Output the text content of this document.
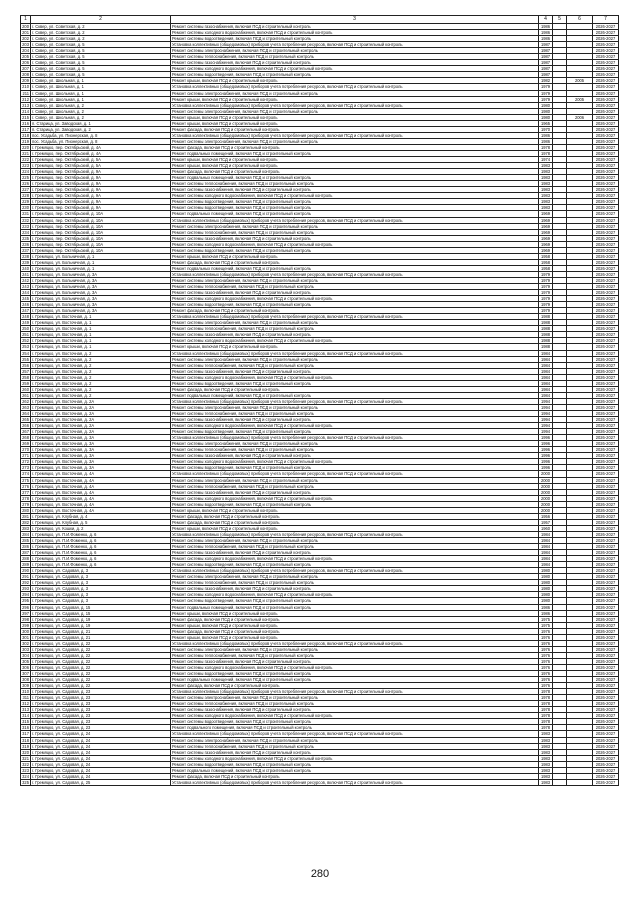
1	2	3	4	5	6	7
200	г. Сквер, ул. Советская, д. 2	Ремонт системы газоснабжения, включая ПСД и строительный контроль	1986			2026-2027
201	г. Сквер, ул. Советская, д. 2	Ремонт системы холодного водоснабжения, включая ПСД и строительный контроль	1986			2026-2027
202	г. Сквер, ул. Советская, д. 2	Ремонт системы водоотведения, включая ПСД и строительный контроль	1986			2026-2027
203	г. Сквер, ул. Советская, д. 5	Установка коллективных (общедомовых) приборов учета потребления ресурсов, включая ПСД и строительный контроль	1987			2026-2027
204	г. Сквер, ул. Советская, д. 5	Ремонт системы электроснабжения, включая ПСД и строительный контроль	1987			2026-2027
205	г. Сквер, ул. Советская, д. 5	Ремонт системы теплоснабжения, включая ПСД и строительный контроль	1987			2026-2027
206	г. Сквер, ул. Советская, д. 5	Ремонт системы газоснабжения, включая ПСД и строительный контроль	1987			2026-2027
207	г. Сквер, ул. Советская, д. 5	Ремонт системы холодного водоснабжения, включая ПСД и строительный контроль	1987			2026-2027
208	г. Сквер, ул. Советская, д. 5	Ремонт системы водоотведения, включая ПСД и строительный контроль	1987			2026-2027
209	г. Сквер, ул. Школьная, д. 1	Ремонт крыши, включая ПСД и строительный контроль	1982		2005	2026-2027
210	г. Сквер, ул. Школьная, д. 1	Установка коллективных (общедомовых) приборов учета потребления ресурсов, включая ПСД и строительный контроль	1979			2026-2027
211	г. Сквер, ул. Школьная, д. 1	Ремонт системы электроснабжения, включая ПСД и строительный контроль	1979			2026-2027
212	г. Сквер, ул. Школьная, д. 1	Ремонт крыши, включая ПСД и строительный контроль	1979		2005	2026-2027
213	г. Сквер, ул. Школьная, д. 2	Установка коллективных (общедомовых) приборов учета потребления ресурсов, включая ПСД и строительный контроль	1980			2026-2027
214	г. Сквер, ул. Школьная, д. 2	Ремонт системы электроснабжения, включая ПСД и строительный контроль	1980			2026-2027
215	г. Сквер, ул. Школьная, д. 2	Ремонт крыши, включая ПСД и строительный контроль	1980		2006	2026-2027
216	п. Старица, ул. Заводская, д. 1	Ремонт крыши, включая ПСД и строительный контроль	1965			2026-2027
217	п. Старица, ул. Заводская, д. 2	Ремонт фасада, включая ПСД и строительный контроль	1970			2026-2027
218	пос. Усадьба, ул. Пионерская, д. 8	Установка коллективных (общедомовых) приборов учета потребления ресурсов, включая ПСД и строительный контроль	1986			2026-2027
219	пос. Усадьба, ул. Пионерская, д. 8	Ремонт системы электроснабжения, включая ПСД и строительный контроль	1986			2026-2027
220	г. Гремяцко, пер. Октябрьский, д. 4А	Ремонт фасада, включая ПСД и строительный контроль	1978			2026-2027
221	г. Гремяцко, пер. Октябрьский, д. 4А	Ремонт подвальных помещений, включая ПСД и строительный контроль	1978			2026-2027
222	г. Гремяцко, пер. Октябрьский, д. 5А	Ремонт крыши, включая ПСД и строительный контроль	1974			2026-2027
223	г. Гремяцко, пер. Октябрьский, д. 5А	Ремонт крыши, включая ПСД и строительный контроль	1983			2026-2027
224	г. Гремяцко, пер. Октябрьский, д. 9А	Ремонт фасада, включая ПСД и строительный контроль	1983			2026-2027
225	г. Гремяцко, пер. Октябрьский, д. 9А	Ремонт подвальных помещений, включая ПСД и строительный контроль	1983			2026-2027
226	г. Гремяцко, пер. Октябрьский, д. 9А	Ремонт системы теплоснабжения, включая ПСД и строительный контроль	1983			2026-2027
227	г. Гремяцко, пер. Октябрьский, д. 9А	Ремонт системы газоснабжения, включая ПСД и строительный контроль	1983			2026-2027
228	г. Гремяцко, пер. Октябрьский, д. 9А	Ремонт системы холодного водоснабжения, включая ПСД и строительный контроль	1983			2026-2027
229	г. Гремяцко, пер. Октябрьский, д. 9А	Ремонт системы водоотведения, включая ПСД и строительный контроль	1983			2026-2027
230	г. Гремяцко, пер. Октябрьский, д. 9А	Ремонт системы водоотведения, включая ПСД и строительный контроль	1983			2026-2027
231	г. Гремяцко, пер. Октябрьский, д. 10А	Ремонт подвальных помещений, включая ПСД и строительный контроль	1969			2026-2027
232	г. Гремяцко, пер. Октябрьский, д. 10А	Установка коллективных (общедомовых) приборов учета потребления ресурсов, включая ПСД и строительный контроль	1969			2026-2027
233	г. Гремяцко, пер. Октябрьский, д. 10А	Ремонт системы электроснабжения, включая ПСД и строительный контроль	1969			2026-2027
234	г. Гремяцко, пер. Октябрьский, д. 10А	Ремонт системы теплоснабжения, включая ПСД и строительный контроль	1969			2026-2027
235	г. Гремяцко, пер. Октябрьский, д. 10А	Ремонт системы газоснабжения, включая ПСД и строительный контроль	1969			2026-2027
236	г. Гремяцко, пер. Октябрьский, д. 10А	Ремонт системы холодного водоснабжения, включая ПСД и строительный контроль	1969			2026-2027
237	г. Гремяцко, пер. Октябрьский, д. 10А	Ремонт системы водоотведения, включая ПСД и строительный контроль	1969			2026-2027
238	г. Гремяцко, ул. Больничная, д. 1	Ремонт крыши, включая ПСД и строительный контроль	1958			2026-2027
239	г. Гремяцко, ул. Больничная, д. 1	Ремонт фасада, включая ПСД и строительный контроль	1958			2026-2027
240	г. Гремяцко, ул. Больничная, д. 1	Ремонт подвальных помещений, включая ПСД и строительный контроль	1958			2026-2027
241	г. Гремяцко, ул. Больничная, д. 3А	Установка коллективных (общедомовых) приборов учета потребления ресурсов, включая ПСД и строительный контроль	1979			2026-2027
242	г. Гремяцко, ул. Больничная, д. 3А	Ремонт системы электроснабжения, включая ПСД и строительный контроль	1979			2026-2027
243	г. Гремяцко, ул. Больничная, д. 3А	Ремонт системы теплоснабжения, включая ПСД и строительный контроль	1979			2026-2027
244	г. Гремяцко, ул. Больничная, д. 3А	Ремонт системы газоснабжения, включая ПСД и строительный контроль	1979			2026-2027
245	г. Гремяцко, ул. Больничная, д. 3А	Ремонт системы холодного водоснабжения, включая ПСД и строительный контроль	1979			2026-2027
246	г. Гремяцко, ул. Больничная, д. 3А	Ремонт системы водоотведения, включая ПСД и строительный контроль	1979			2026-2027
247	г. Гремяцко, ул. Больничная, д. 3А	Ремонт фасада, включая ПСД и строительный контроль	1979			2026-2027
248	г. Гремяцко, ул. Восточная, д. 1	Установка коллективных (общедомовых) приборов учета потребления ресурсов, включая ПСД и строительный контроль	1988			2026-2027
249	г. Гремяцко, ул. Восточная, д. 1	Ремонт системы электроснабжения, включая ПСД и строительный контроль	1988			2026-2027
250	г. Гремяцко, ул. Восточная, д. 1	Ремонт системы теплоснабжения, включая ПСД и строительный контроль	1988			2026-2027
251	г. Гремяцко, ул. Восточная, д. 1	Ремонт системы газоснабжения, включая ПСД и строительный контроль	1988			2026-2027
252	г. Гремяцко, ул. Восточная, д. 1	Ремонт системы холодного водоснабжения, включая ПСД и строительный контроль	1988			2026-2027
253	г. Гремяцко, ул. Восточная, д. 1	Ремонт крыши, включая ПСД и строительный контроль	1988			2026-2027
254	г. Гремяцко, ул. Восточная, д. 2	Установка коллективных (общедомовых) приборов учета потребления ресурсов, включая ПСД и строительный контроль	1984			2026-2027
255	г. Гремяцко, ул. Восточная, д. 2	Ремонт системы электроснабжения, включая ПСД и строительный контроль	1984			2026-2027
256	г. Гремяцко, ул. Восточная, д. 2	Ремонт системы теплоснабжения, включая ПСД и строительный контроль	1984			2026-2027
257	г. Гремяцко, ул. Восточная, д. 2	Ремонт системы газоснабжения, включая ПСД и строительный контроль	1984			2026-2027
258	г. Гремяцко, ул. Восточная, д. 2	Ремонт системы холодного водоснабжения, включая ПСД и строительный контроль	1984			2026-2027
259	г. Гремяцко, ул. Восточная, д. 2	Ремонт системы водоотведения, включая ПСД и строительный контроль	1984			2026-2027
260	г. Гремяцко, ул. Восточная, д. 2	Ремонт фасада, включая ПСД и строительный контроль	1984			2026-2027
261	г. Гремяцко, ул. Восточная, д. 2	Ремонт подвальных помещений, включая ПСД и строительный контроль	1984			2026-2027
262	г. Гремяцко, ул. Восточная, д. 2А	Установка коллективных (общедомовых) приборов учета потребления ресурсов, включая ПСД и строительный контроль	1994			2026-2027
263	г. Гремяцко, ул. Восточная, д. 2А	Ремонт системы электроснабжения, включая ПСД и строительный контроль	1994			2026-2027
264	г. Гремяцко, ул. Восточная, д. 2А	Ремонт системы теплоснабжения, включая ПСД и строительный контроль	1994			2026-2027
265	г. Гремяцко, ул. Восточная, д. 2А	Ремонт системы газоснабжения, включая ПСД и строительный контроль	1994			2026-2027
266	г. Гремяцко, ул. Восточная, д. 2А	Ремонт системы холодного водоснабжения, включая ПСД и строительный контроль	1994			2026-2027
267	г. Гремяцко, ул. Восточная, д. 2А	Ремонт системы водоотведения, включая ПСД и строительный контроль	1994			2026-2027
268	г. Гремяцко, ул. Восточная, д. 3А	Установка коллективных (общедомовых) приборов учета потребления ресурсов, включая ПСД и строительный контроль	1996			2026-2027
269	г. Гремяцко, ул. Восточная, д. 3А	Ремонт системы электроснабжения, включая ПСД и строительный контроль	1996			2026-2027
270	г. Гремяцко, ул. Восточная, д. 3А	Ремонт системы теплоснабжения, включая ПСД и строительный контроль	1996			2026-2027
271	г. Гремяцко, ул. Восточная, д. 3А	Ремонт системы газоснабжения, включая ПСД и строительный контроль	1996			2026-2027
272	г. Гремяцко, ул. Восточная, д. 3А	Ремонт системы холодного водоснабжения, включая ПСД и строительный контроль	1996			2026-2027
273	г. Гремяцко, ул. Восточная, д. 3А	Ремонт системы водоотведения, включая ПСД и строительный контроль	1996			2026-2027
274	г. Гремяцко, ул. Восточная, д. 4А	Установка коллективных (общедомовых) приборов учета потребления ресурсов, включая ПСД и строительный контроль	2000			2026-2027
275	г. Гремяцко, ул. Восточная, д. 4А	Ремонт системы электроснабжения, включая ПСД и строительный контроль	2000			2026-2027
276	г. Гремяцко, ул. Восточная, д. 4А	Ремонт системы теплоснабжения, включая ПСД и строительный контроль	2000			2026-2027
277	г. Гремяцко, ул. Восточная, д. 4А	Ремонт системы газоснабжения, включая ПСД и строительный контроль	2000			2026-2027
278	г. Гремяцко, ул. Восточная, д. 4А	Ремонт системы холодного водоснабжения, включая ПСД и строительный контроль	2000			2026-2027
279	г. Гремяцко, ул. Восточная, д. 4А	Ремонт системы водоотведения, включая ПСД и строительный контроль	2000			2026-2027
280	г. Гремяцко, ул. Восточная, д. 4А	Ремонт крыши, включая ПСД и строительный контроль	2000			2026-2027
281	г. Гремяцко, ул. Клубная, д. 4	Ремонт фасада, включая ПСД и строительный контроль	1956			2026-2027
282	г. Гремяцко, ул. Клубная, д. 5	Ремонт фасада, включая ПСД и строительный контроль	1957			2026-2027
283	г. Гремяцко, ул. Кошки, д. 2	Ремонт крыши, включая ПСД и строительный контроль	1960			2026-2027
284	г. Гремяцко, ул. П.И.Фоменко, д. 6	Установка коллективных (общедомовых) приборов учета потребления ресурсов, включая ПСД и строительный контроль	1984			2026-2027
285	г. Гремяцко, ул. П.И.Фоменко, д. 6	Ремонт системы электроснабжения, включая ПСД и строительный контроль	1984			2026-2027
286	г. Гремяцко, ул. П.И.Фоменко, д. 6	Ремонт системы теплоснабжения, включая ПСД и строительный контроль	1984			2026-2027
287	г. Гремяцко, ул. П.И.Фоменко, д. 6	Ремонт системы газоснабжения, включая ПСД и строительный контроль	1984			2026-2027
288	г. Гремяцко, ул. П.И.Фоменко, д. 6	Ремонт системы холодного водоснабжения, включая ПСД и строительный контроль	1984			2026-2027
289	г. Гремяцко, ул. П.И.Фоменко, д. 6	Ремонт системы водоотведения, включая ПСД и строительный контроль	1984			2026-2027
290	г. Гремяцко, ул. Садовая, д. 3	Установка коллективных (общедомовых) приборов учета потребления ресурсов, включая ПСД и строительный контроль	1980			2026-2027
291	г. Гремяцко, ул. Садовая, д. 3	Ремонт системы электроснабжения, включая ПСД и строительный контроль	1980			2026-2027
292	г. Гремяцко, ул. Садовая, д. 3	Ремонт системы теплоснабжения, включая ПСД и строительный контроль	1980			2026-2027
293	г. Гремяцко, ул. Садовая, д. 3	Ремонт системы газоснабжения, включая ПСД и строительный контроль	1980			2026-2027
294	г. Гремяцко, ул. Садовая, д. 3	Ремонт системы холодного водоснабжения, включая ПСД и строительный контроль	1980			2026-2027
295	г. Гремяцко, ул. Садовая, д. 3	Ремонт системы водоотведения, включая ПСД и строительный контроль	1980			2026-2027
296	г. Гремяцко, ул. Садовая, д. 15	Ремонт подвальных помещений, включая ПСД и строительный контроль	1986			2026-2027
297	г. Гремяцко, ул. Садовая, д. 15	Ремонт крыши, включая ПСД и строительный контроль	1986			2026-2027
298	г. Гремяцко, ул. Садовая, д. 19	Ремонт фасада, включая ПСД и строительный контроль	1975			2026-2027
299	г. Гремяцко, ул. Садовая, д. 19	Ремонт крыши, включая ПСД и строительный контроль	1975			2026-2027
300	г. Гремяцко, ул. Садовая, д. 21	Ремонт фасада, включая ПСД и строительный контроль	1976			2026-2027
301	г. Гремяцко, ул. Садовая, д. 21	Ремонт крыши, включая ПСД и строительный контроль	1976			2026-2027
302	г. Гремяцко, ул. Садовая, д. 22	Установка коллективных (общедомовых) приборов учета потребления ресурсов, включая ПСД и строительный контроль	1976			2026-2027
303	г. Гремяцко, ул. Садовая, д. 22	Ремонт системы электроснабжения, включая ПСД и строительный контроль	1976			2026-2027
304	г. Гремяцко, ул. Садовая, д. 22	Ремонт системы теплоснабжения, включая ПСД и строительный контроль	1976			2026-2027
305	г. Гремяцко, ул. Садовая, д. 22	Ремонт системы газоснабжения, включая ПСД и строительный контроль	1976			2026-2027
306	г. Гремяцко, ул. Садовая, д. 22	Ремонт системы холодного водоснабжения, включая ПСД и строительный контроль	1976			2026-2027
307	г. Гремяцко, ул. Садовая, д. 22	Ремонт системы водоотведения, включая ПСД и строительный контроль	1976			2026-2027
308	г. Гремяцко, ул. Садовая, д. 22	Ремонт подвальных помещений, включая ПСД и строительный контроль	1976			2026-2027
309	г. Гремяцко, ул. Садовая, д. 22	Ремонт фасада, включая ПСД и строительный контроль	1976			2026-2027
310	г. Гремяцко, ул. Садовая, д. 23	Установка коллективных (общедомовых) приборов учета потребления ресурсов, включая ПСД и строительный контроль	1978			2026-2027
311	г. Гремяцко, ул. Садовая, д. 23	Ремонт системы электроснабжения, включая ПСД и строительный контроль	1978			2026-2027
312	г. Гремяцко, ул. Садовая, д. 23	Ремонт системы теплоснабжения, включая ПСД и строительный контроль	1978			2026-2027
313	г. Гремяцко, ул. Садовая, д. 23	Ремонт системы газоснабжения, включая ПСД и строительный контроль	1978			2026-2027
314	г. Гремяцко, ул. Садовая, д. 23	Ремонт системы холодного водоснабжения, включая ПСД и строительный контроль	1978			2026-2027
315	г. Гремяцко, ул. Садовая, д. 23	Ремонт системы водоотведения, включая ПСД и строительный контроль	1978			2026-2027
316	г. Гремяцко, ул. Садовая, д. 23	Ремонт подвального помещения, включая ПСД и строительный контроль	1978			2026-2027
317	г. Гремяцко, ул. Садовая, д. 24	Установка коллективных (общедомовых) приборов учета потребления ресурсов, включая ПСД и строительный контроль	1983			2026-2027
318	г. Гремяцко, ул. Садовая, д. 24	Ремонт системы электроснабжения, включая ПСД и строительный контроль	1983			2026-2027
319	г. Гремяцко, ул. Садовая, д. 24	Ремонт системы теплоснабжения, включая ПСД и строительный контроль	1983			2026-2027
320	г. Гремяцко, ул. Садовая, д. 24	Ремонт системы газоснабжения, включая ПСД и строительный контроль	1983			2026-2027
321	г. Гремяцко, ул. Садовая, д. 24	Ремонт системы холодного водоснабжения, включая ПСД и строительный контроль	1983			2026-2027
322	г. Гремяцко, ул. Садовая, д. 24	Ремонт системы водоотведения, включая ПСД и строительный контроль	1983			2026-2027
323	г. Гремяцко, ул. Садовая, д. 24	Ремонт подвальных помещений, включая ПСД и строительный контроль	1983			2026-2027
324	г. Гремяцко, ул. Садовая, д. 24	Ремонт фасада, включая ПСД и строительный контроль	1983			2026-2027
325	г. Гремяцко, ул. Садовая, д. 25	Установка коллективных (общедомовых) приборов учета потребления ресурсов, включая ПСД и строительный контроль	1983			2026-2027
280
